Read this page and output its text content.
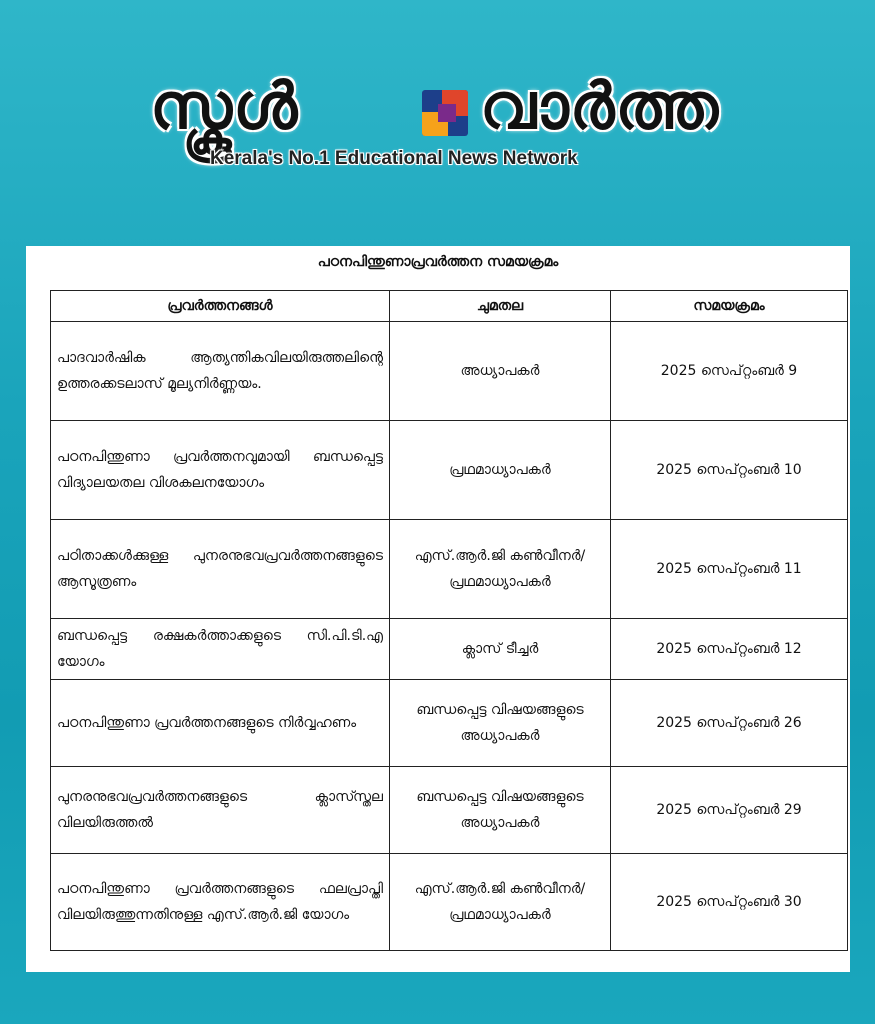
സ്കൂൾ	വാർത്ത
Kerala's No.1 Educational News Network
പഠനപിന്തുണാപ്രവർത്തന സമയക്രമം
പ്രവർത്തനങ്ങൾ	ചുമതല	സമയക്രമം
പാദവാർഷിക ആത്യന്തികവിലയിരുത്തലിന്റെ ഉത്തരക്കടലാസ് മൂല്യനിർണ്ണയം.	അധ്യാപകർ	2025 സെപ്റ്റംബർ 9
പഠനപിന്തുണാ പ്രവർത്തനവുമായി ബന്ധപ്പെട്ട വിദ്യാലയതല വിശകലനയോഗം	പ്രഥമാധ്യാപകർ	2025 സെപ്റ്റംബർ 10
പഠിതാക്കൾക്കുള്ള പുനരനുഭവപ്രവർത്തനങ്ങളുടെ ആസൂത്രണം	എസ്.ആർ.ജി കൺവീനർ/ പ്രഥമാധ്യാപകർ	2025 സെപ്റ്റംബർ 11
ബന്ധപ്പെട്ട രക്ഷകർത്താക്കളുടെ സി.പി.ടി.എ യോഗം	ക്ലാസ് ടീച്ചർ	2025 സെപ്റ്റംബർ 12
പഠനപിന്തുണാ പ്രവർത്തനങ്ങളുടെ നിർവ്വഹണം	ബന്ധപ്പെട്ട വിഷയങ്ങളുടെ അധ്യാപകർ	2025 സെപ്റ്റംബർ 26
പുനരനുഭവപ്രവർത്തനങ്ങളുടെ ക്ലാസ്സ്തല വിലയിരുത്തൽ	ബന്ധപ്പെട്ട വിഷയങ്ങളുടെ അധ്യാപകർ	2025 സെപ്റ്റംബർ 29
പഠനപിന്തുണാ പ്രവർത്തനങ്ങളുടെ ഫലപ്രാപ്തി വിലയിരുത്തുന്നതിനുള്ള എസ്.ആർ.ജി യോഗം	എസ്.ആർ.ജി കൺവീനർ/ പ്രഥമാധ്യാപകർ	2025 സെപ്റ്റംബർ 30
